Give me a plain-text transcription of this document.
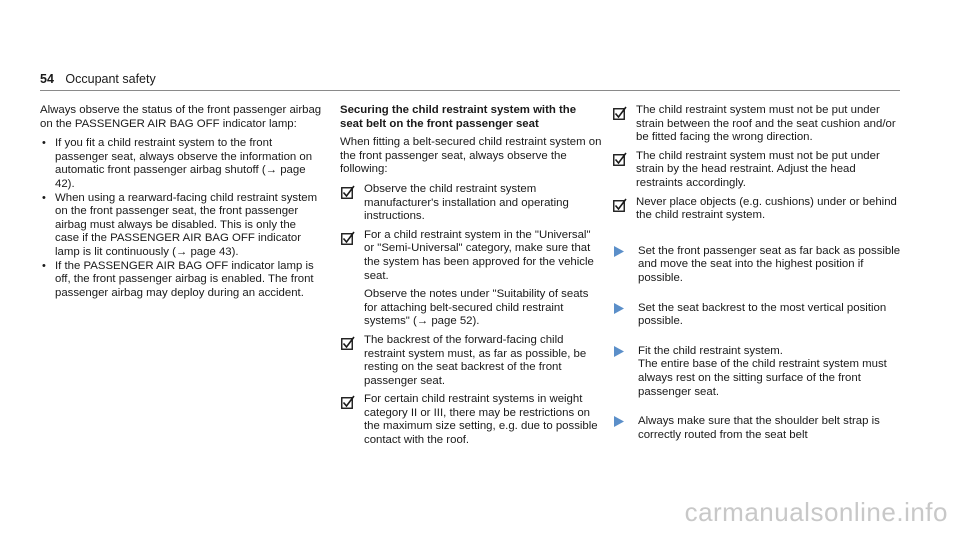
54 Occupant safety

Always observe the status of the front passenger airbag on the PASSENGER AIR BAG OFF indicator lamp:

• If you fit a child restraint system to the front passenger seat, always observe the information on automatic front passenger airbag shutoff (→ page 42).

• When using a rearward-facing child restraint system on the front passenger seat, the front passenger airbag must always be disabled. This is only the case if the PASSENGER AIR BAG OFF indicator lamp is lit continuously (→ page 43).

• If the PASSENGER AIR BAG OFF indicator lamp is off, the front passenger airbag is enabled. The front passenger airbag may deploy during an accident.

Securing the child restraint system with the seat belt on the front passenger seat

When fitting a belt-secured child restraint system on the front passenger seat, always observe the following:

Observe the child restraint system manufacturer's installation and operating instructions.

For a child restraint system in the "Universal" or "Semi-Universal" category, make sure that the system has been approved for the vehicle seat.

Observe the notes under "Suitability of seats for attaching belt-secured child restraint systems" (→ page 52).

The backrest of the forward-facing child restraint system must, as far as possible, be resting on the seat backrest of the front passenger seat.

For certain child restraint systems in weight category II or III, there may be restrictions on the maximum size setting, e.g. due to possible contact with the roof.

The child restraint system must not be put under strain between the roof and the seat cushion and/or be fitted facing the wrong direction.

The child restraint system must not be put under strain by the head restraint. Adjust the head restraints accordingly.

Never place objects (e.g. cushions) under or behind the child restraint system.

Set the front passenger seat as far back as possible and move the seat into the highest position if possible.

Set the seat backrest to the most vertical position possible.

Fit the child restraint system.

The entire base of the child restraint system must always rest on the sitting surface of the front passenger seat.

Always make sure that the shoulder belt strap is correctly routed from the seat belt

carmanualsonline.info
